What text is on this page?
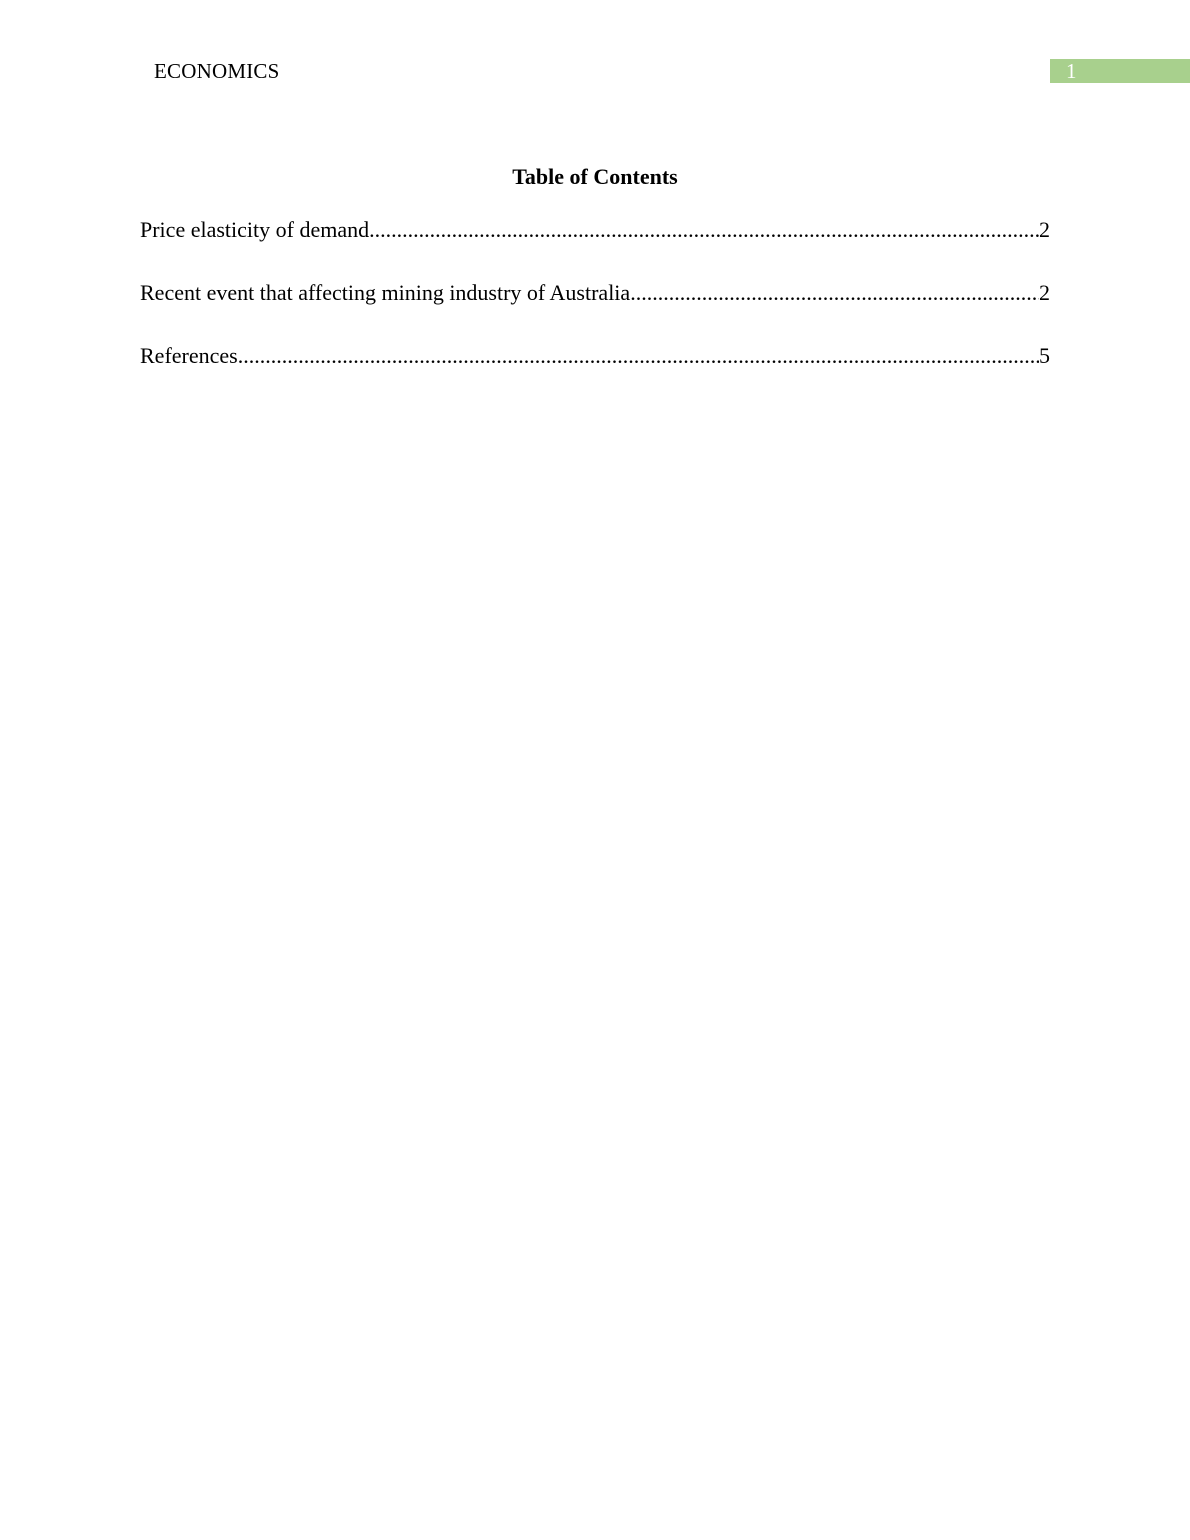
ECONOMICS	1
Table of Contents
Price elasticity of demand .....	2
Recent event that affecting mining industry of Australia .....	2
References .....	5
